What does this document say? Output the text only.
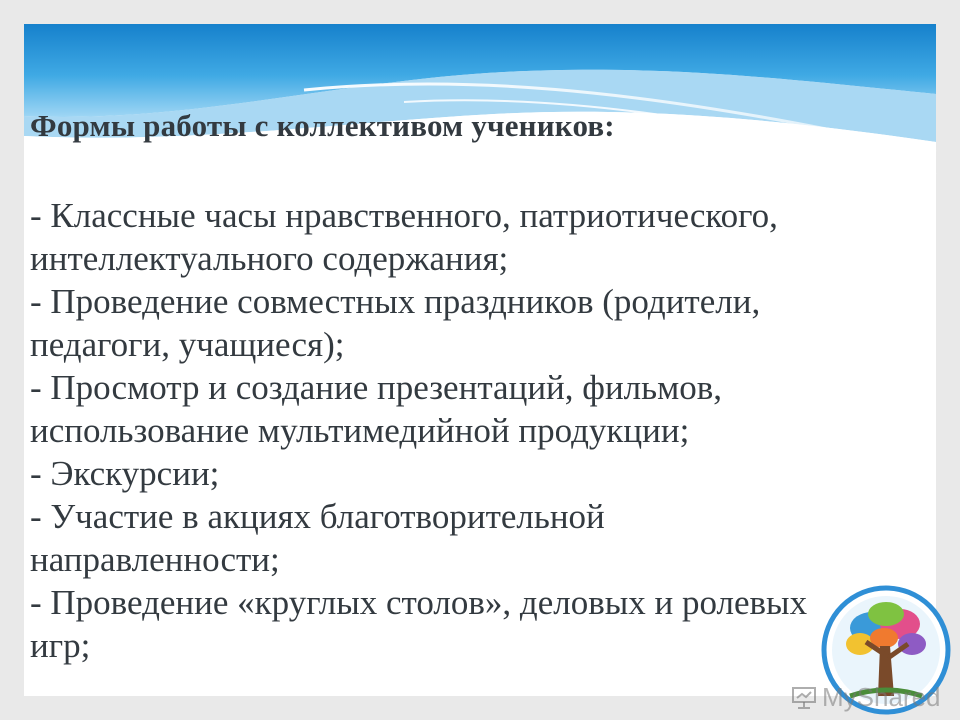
Формы работы с коллективом учеников:
- Классные часы нравственного, патриотического, интеллектуального содержания;
- Проведение совместных праздников (родители, педагоги, учащиеся);
- Просмотр и создание презентаций, фильмов, использование мультимедийной продукции;
- Экскурсии;
- Участие в акциях благотворительной направленности;
- Проведение «круглых столов», деловых и ролевых игр;
MyShared
